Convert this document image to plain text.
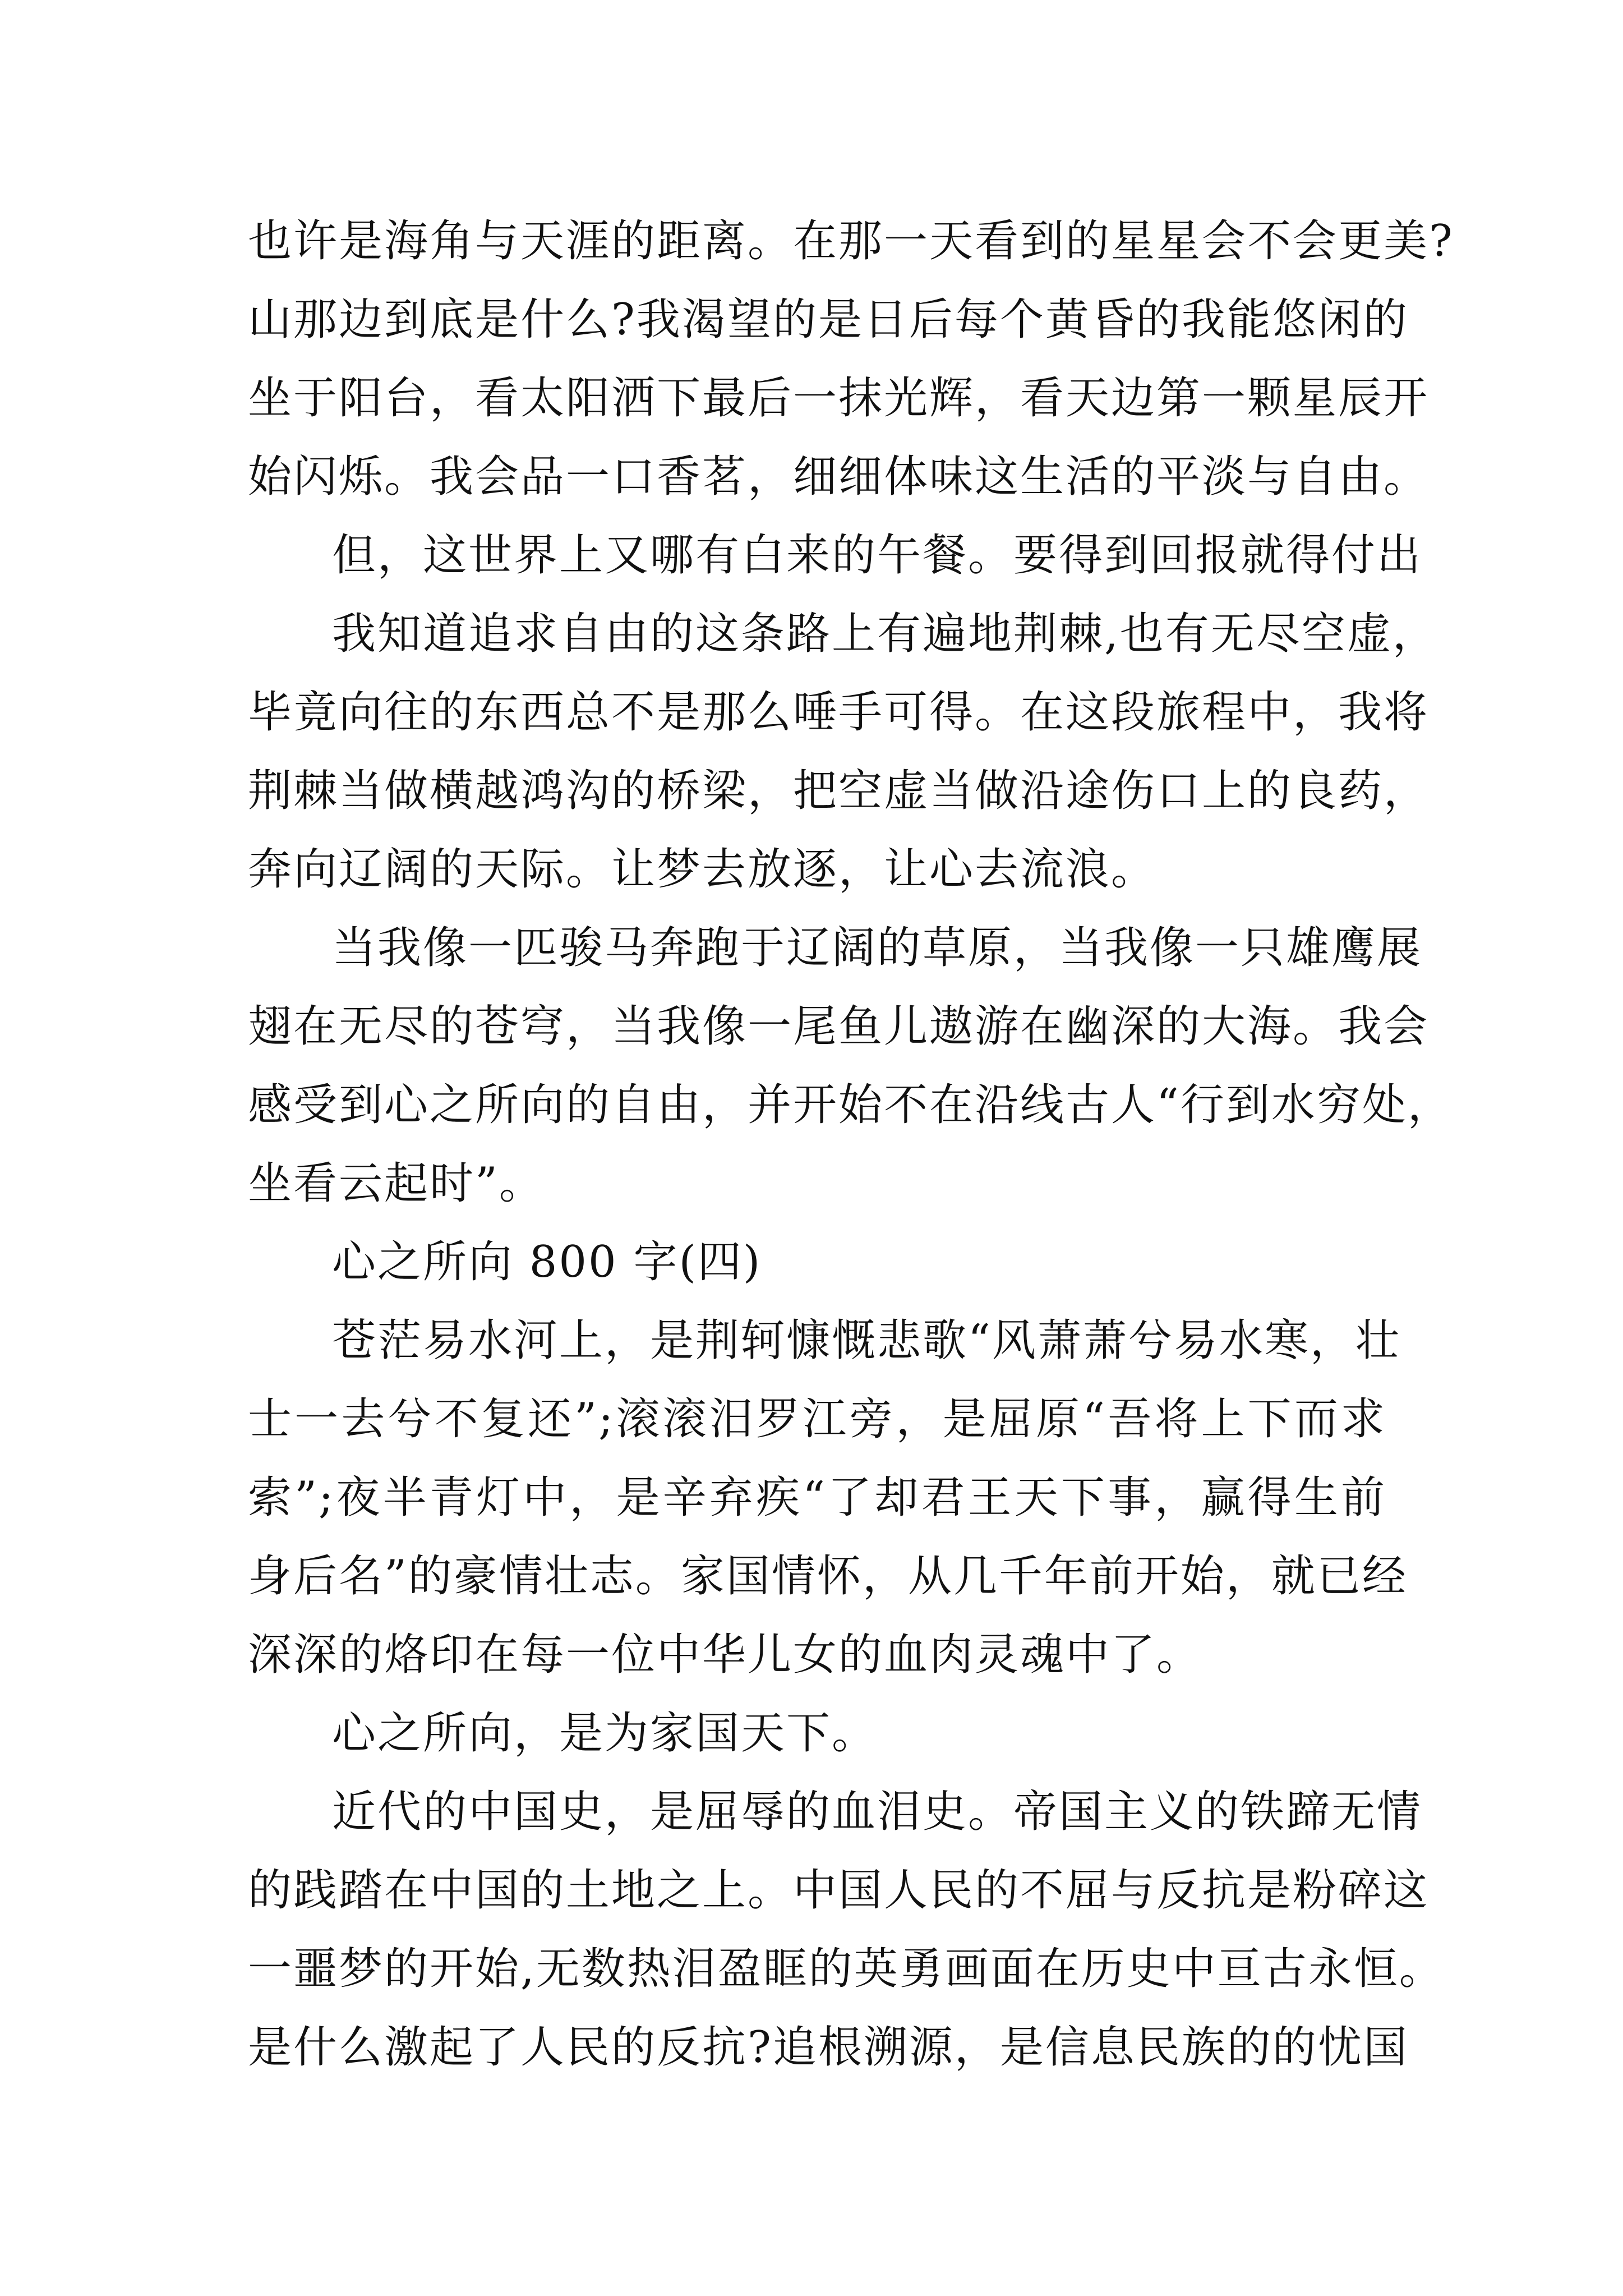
也许是海角与天涯的距离。在那一天看到的星星会不会更美?
山那边到底是什么?我渴望的是日后每个黄昏的我能悠闲的
坐于阳台，看太阳洒下最后一抹光辉，看天边第一颗星辰开
始闪烁。我会品一口香茗，细细体味这生活的平淡与自由。
但，这世界上又哪有白来的午餐。要得到回报就得付出
我知道追求自由的这条路上有遍地荆棘,也有无尽空虚，
毕竟向往的东西总不是那么唾手可得。在这段旅程中，我将
荆棘当做横越鸿沟的桥梁，把空虚当做沿途伤口上的良药，
奔向辽阔的天际。让梦去放逐，让心去流浪。
当我像一匹骏马奔跑于辽阔的草原，当我像一只雄鹰展
翅在无尽的苍穹，当我像一尾鱼儿遨游在幽深的大海。我会
感受到心之所向的自由，并开始不在沿线古人“行到水穷处，
坐看云起时”。
心之所向 800 字(四)
苍茫易水河上，是荆轲慷慨悲歌“风萧萧兮易水寒，壮
士一去兮不复还”;滚滚汨罗江旁，是屈原“吾将上下而求
索”;夜半青灯中，是辛弃疾“了却君王天下事，赢得生前
身后名”的豪情壮志。家国情怀，从几千年前开始，就已经
深深的烙印在每一位中华儿女的血肉灵魂中了。
心之所向，是为家国天下。
近代的中国史，是屈辱的血泪史。帝国主义的铁蹄无情
的践踏在中国的土地之上。中国人民的不屈与反抗是粉碎这
一噩梦的开始,无数热泪盈眶的英勇画面在历史中亘古永恒。
是什么激起了人民的反抗?追根溯源，是信息民族的的忧国
